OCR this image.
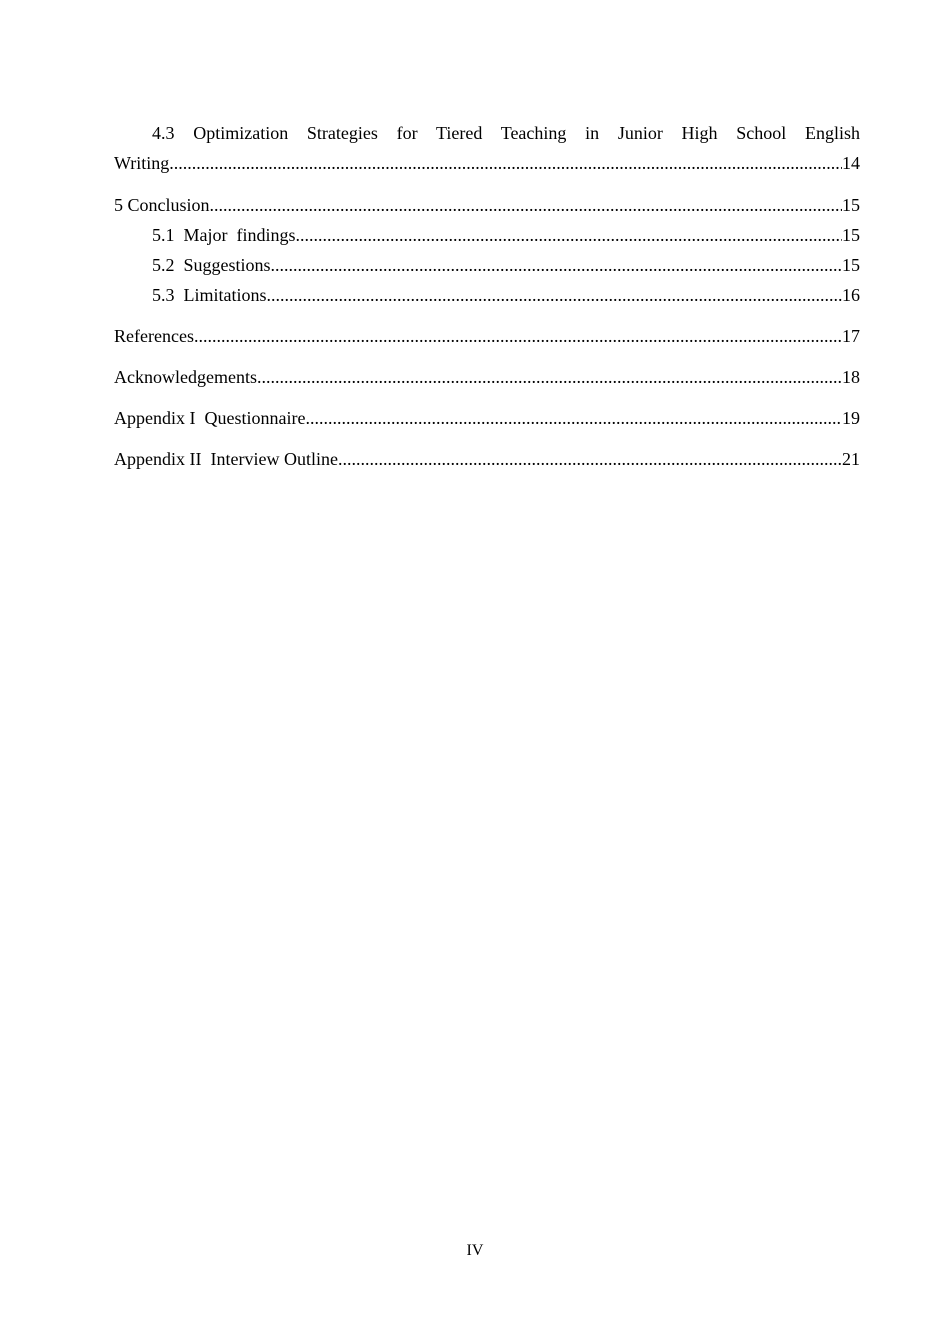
4.3 Optimization Strategies for Tiered Teaching in Junior High School English
Writing .....	14
5 Conclusion .....	15
5.1  Major  findings .....	15
5.2  Suggestions .....	15
5.3  Limitations .....	16
References .....	17
Acknowledgements .....	18
Appendix I  Questionnaire .....	19
Appendix II  Interview Outline .....	21
IV
